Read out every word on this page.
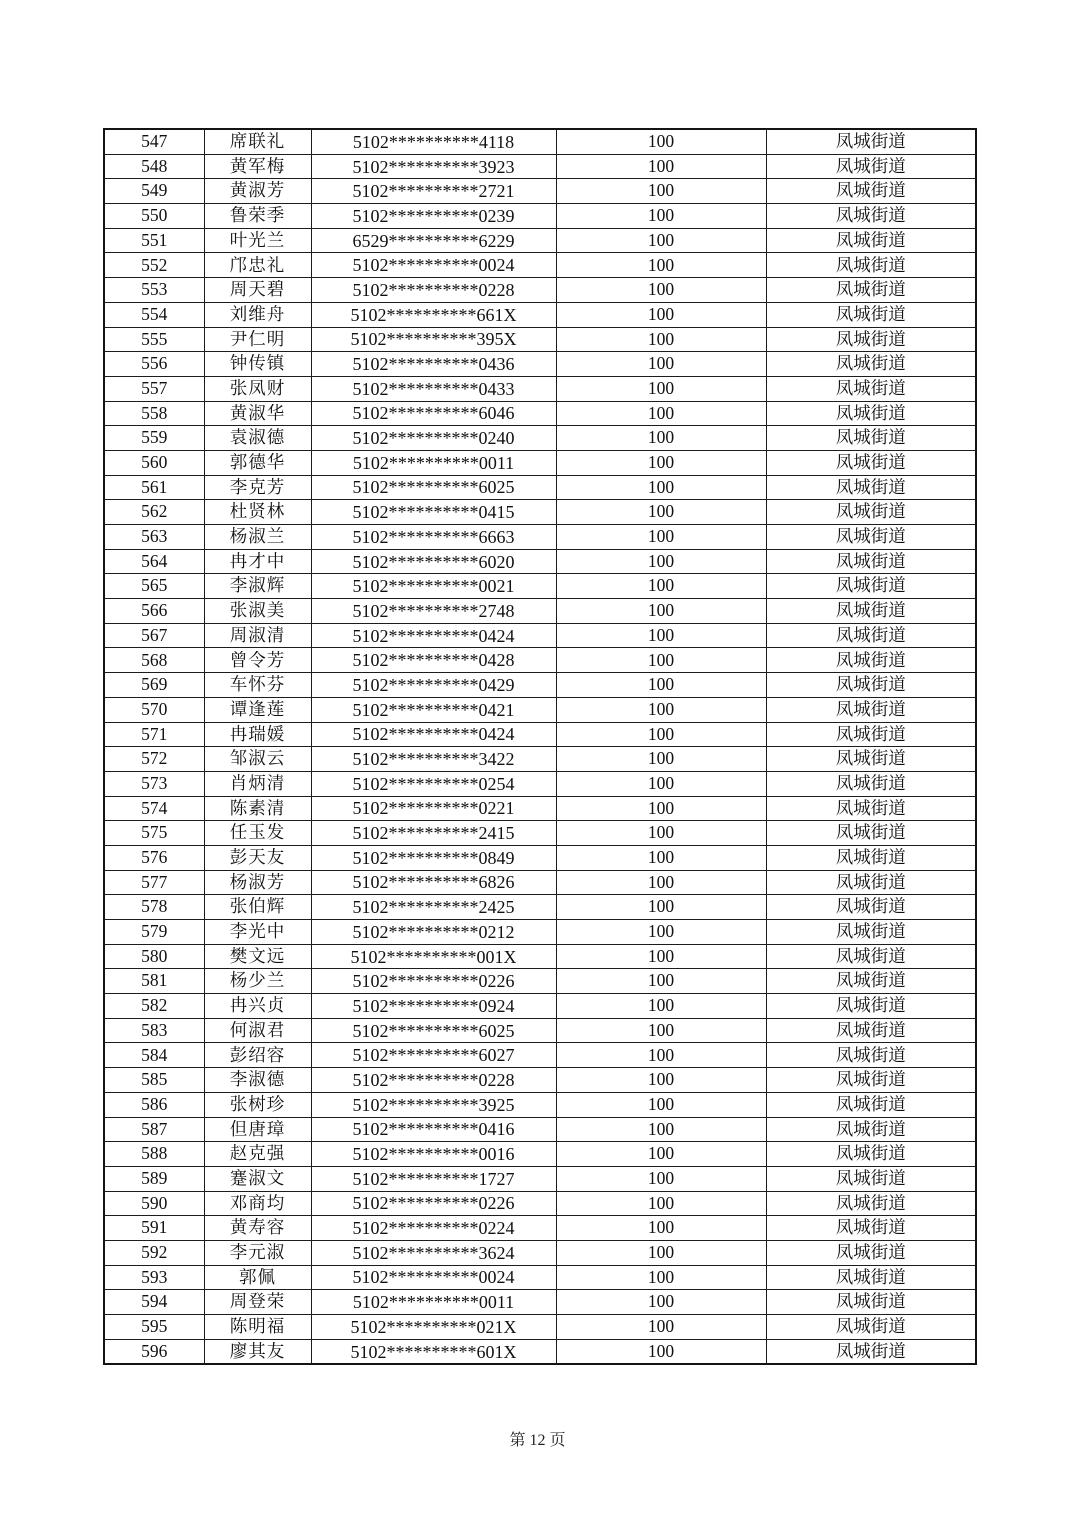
547	席联礼	5102**********4118	100	凤城街道
548	黄军梅	5102**********3923	100	凤城街道
549	黄淑芳	5102**********2721	100	凤城街道
550	鲁荣季	5102**********0239	100	凤城街道
551	叶光兰	6529**********6229	100	凤城街道
552	邝忠礼	5102**********0024	100	凤城街道
553	周天碧	5102**********0228	100	凤城街道
554	刘维舟	5102**********661X	100	凤城街道
555	尹仁明	5102**********395X	100	凤城街道
556	钟传镇	5102**********0436	100	凤城街道
557	张凤财	5102**********0433	100	凤城街道
558	黄淑华	5102**********6046	100	凤城街道
559	袁淑德	5102**********0240	100	凤城街道
560	郭德华	5102**********0011	100	凤城街道
561	李克芳	5102**********6025	100	凤城街道
562	杜贤林	5102**********0415	100	凤城街道
563	杨淑兰	5102**********6663	100	凤城街道
564	冉才中	5102**********6020	100	凤城街道
565	李淑辉	5102**********0021	100	凤城街道
566	张淑美	5102**********2748	100	凤城街道
567	周淑清	5102**********0424	100	凤城街道
568	曾令芳	5102**********0428	100	凤城街道
569	车怀芬	5102**********0429	100	凤城街道
570	谭逢莲	5102**********0421	100	凤城街道
571	冉瑞媛	5102**********0424	100	凤城街道
572	邹淑云	5102**********3422	100	凤城街道
573	肖炳清	5102**********0254	100	凤城街道
574	陈素清	5102**********0221	100	凤城街道
575	任玉发	5102**********2415	100	凤城街道
576	彭天友	5102**********0849	100	凤城街道
577	杨淑芳	5102**********6826	100	凤城街道
578	张伯辉	5102**********2425	100	凤城街道
579	李光中	5102**********0212	100	凤城街道
580	樊文远	5102**********001X	100	凤城街道
581	杨少兰	5102**********0226	100	凤城街道
582	冉兴贞	5102**********0924	100	凤城街道
583	何淑君	5102**********6025	100	凤城街道
584	彭绍容	5102**********6027	100	凤城街道
585	李淑德	5102**********0228	100	凤城街道
586	张树珍	5102**********3925	100	凤城街道
587	但唐璋	5102**********0416	100	凤城街道
588	赵克强	5102**********0016	100	凤城街道
589	蹇淑文	5102**********1727	100	凤城街道
590	邓商均	5102**********0226	100	凤城街道
591	黄寿容	5102**********0224	100	凤城街道
592	李元淑	5102**********3624	100	凤城街道
593	郭佩	5102**********0024	100	凤城街道
594	周登荣	5102**********0011	100	凤城街道
595	陈明福	5102**********021X	100	凤城街道
596	廖其友	5102**********601X	100	凤城街道
第 12 页
